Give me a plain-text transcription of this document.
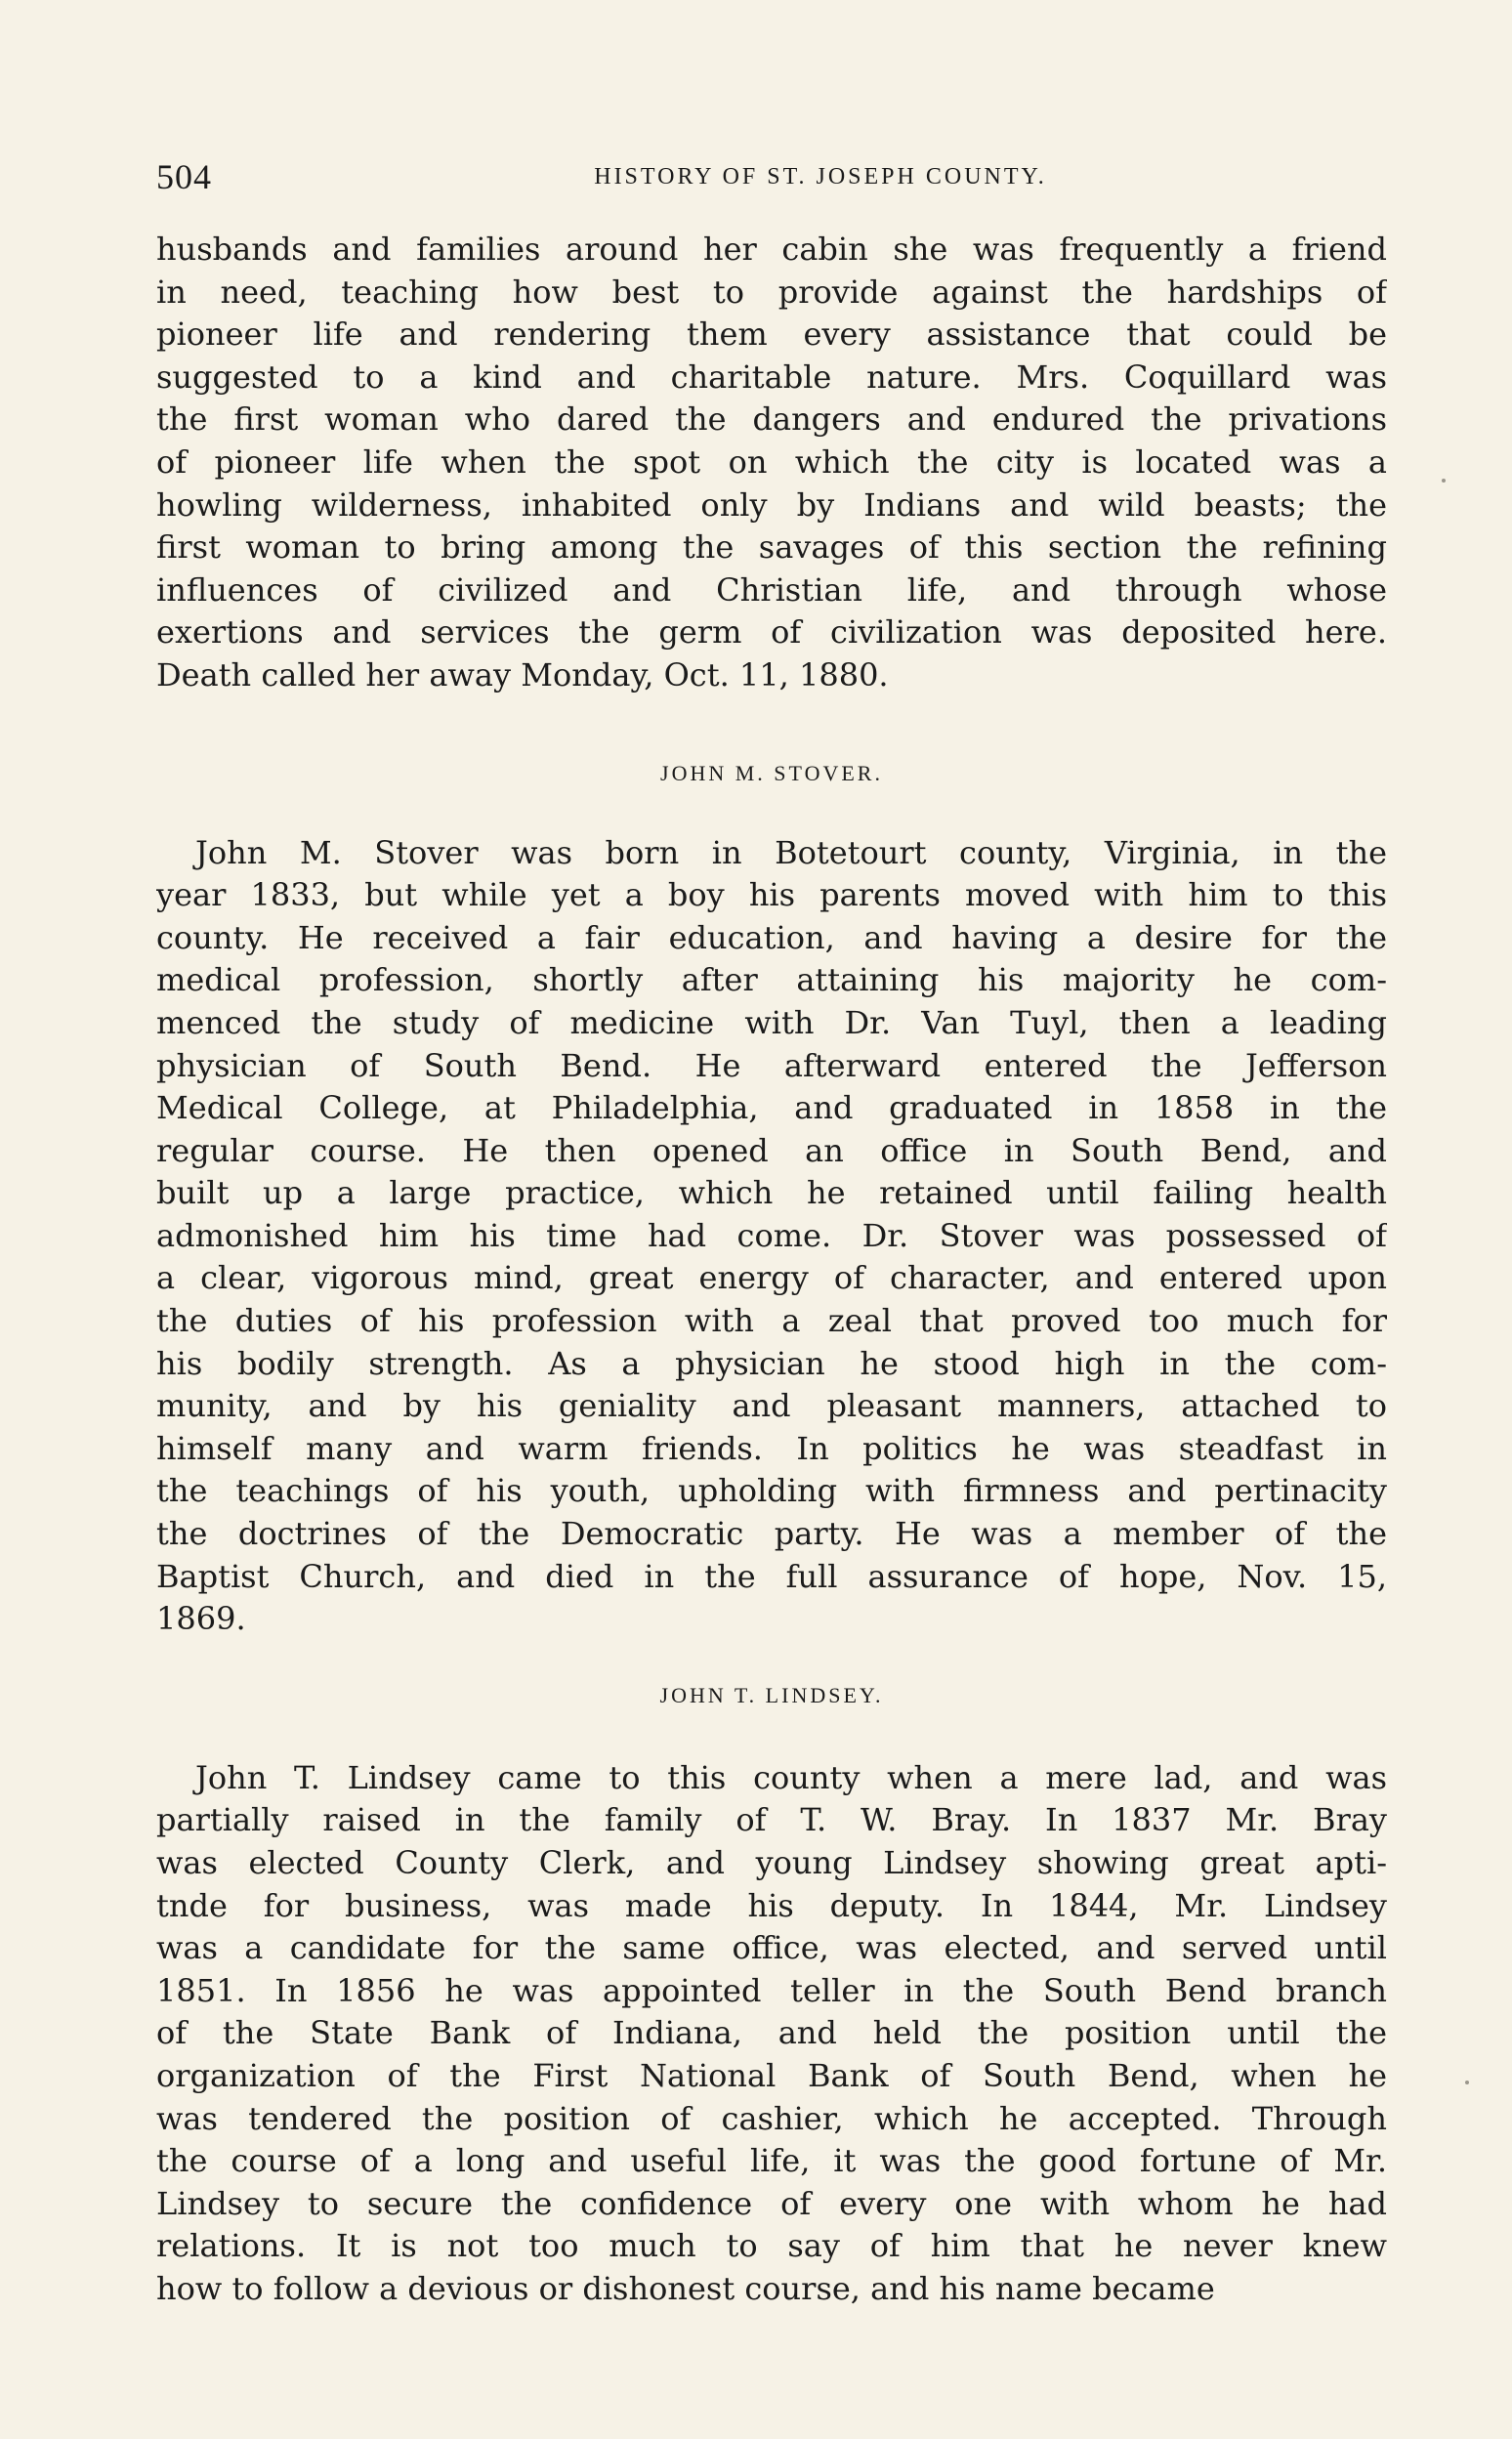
504	HISTORY OF ST. JOSEPH COUNTY.
husbands and families around her cabin she was frequently a friend
in need, teaching how best to provide against the hardships of
pioneer life and rendering them every assistance that could be
suggested to a kind and charitable nature. Mrs. Coquillard was
the first woman who dared the dangers and endured the privations
of pioneer life when the spot on which the city is located was a
howling wilderness, inhabited only by Indians and wild beasts; the
first woman to bring among the savages of this section the refining
influences of civilized and Christian life, and through whose
exertions and services the germ of civilization was deposited here.
Death called her away Monday, Oct. 11, 1880.
JOHN M. STOVER.
John M. Stover was born in Botetourt county, Virginia, in the
year 1833, but while yet a boy his parents moved with him to this
county. He received a fair education, and having a desire for the
medical profession, shortly after attaining his majority he com-
menced the study of medicine with Dr. Van Tuyl, then a leading
physician of South Bend. He afterward entered the Jefferson
Medical College, at Philadelphia, and graduated in 1858 in the
regular course. He then opened an office in South Bend, and
built up a large practice, which he retained until failing health
admonished him his time had come. Dr. Stover was possessed of
a clear, vigorous mind, great energy of character, and entered upon
the duties of his profession with a zeal that proved too much for
his bodily strength. As a physician he stood high in the com-
munity, and by his geniality and pleasant manners, attached to
himself many and warm friends. In politics he was steadfast in
the teachings of his youth, upholding with firmness and pertinacity
the doctrines of the Democratic party. He was a member of the
Baptist Church, and died in the full assurance of hope, Nov. 15,
1869.
JOHN T. LINDSEY.
John T. Lindsey came to this county when a mere lad, and was
partially raised in the family of T. W. Bray. In 1837 Mr. Bray
was elected County Clerk, and young Lindsey showing great apti-
tnde for business, was made his deputy. In 1844, Mr. Lindsey
was a candidate for the same office, was elected, and served until
1851. In 1856 he was appointed teller in the South Bend branch
of the State Bank of Indiana, and held the position until the
organization of the First National Bank of South Bend, when he
was tendered the position of cashier, which he accepted. Through
the course of a long and useful life, it was the good fortune of Mr.
Lindsey to secure the confidence of every one with whom he had
relations. It is not too much to say of him that he never knew
how to follow a devious or dishonest course, and his name became
